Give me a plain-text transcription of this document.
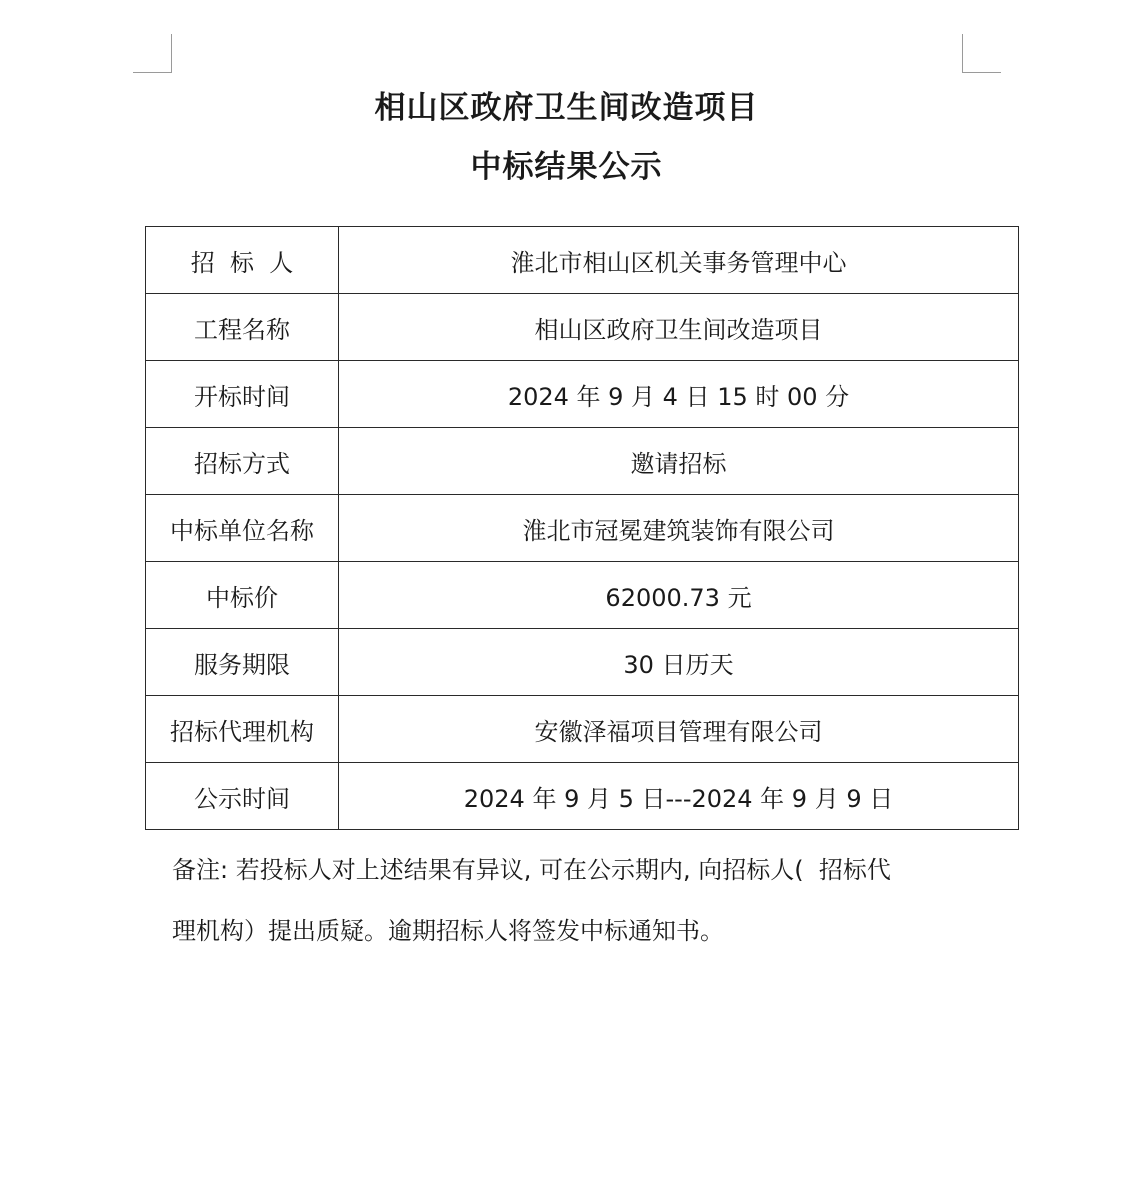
相山区政府卫生间改造项目
中标结果公示
招  标  人	淮北市相山区机关事务管理中心
工程名称	相山区政府卫生间改造项目
开标时间	2024 年 9 月 4 日 15 时 00 分
招标方式	邀请招标
中标单位名称	淮北市冠冕建筑装饰有限公司
中标价	62000.73 元
服务期限	30 日历天
招标代理机构	安徽泽福项目管理有限公司
公示时间	2024 年 9 月 5 日---2024 年 9 月 9 日
备注: 若投标人对上述结果有异议, 可在公示期内, 向招标人(  招标代
理机构）提出质疑。逾期招标人将签发中标通知书。
